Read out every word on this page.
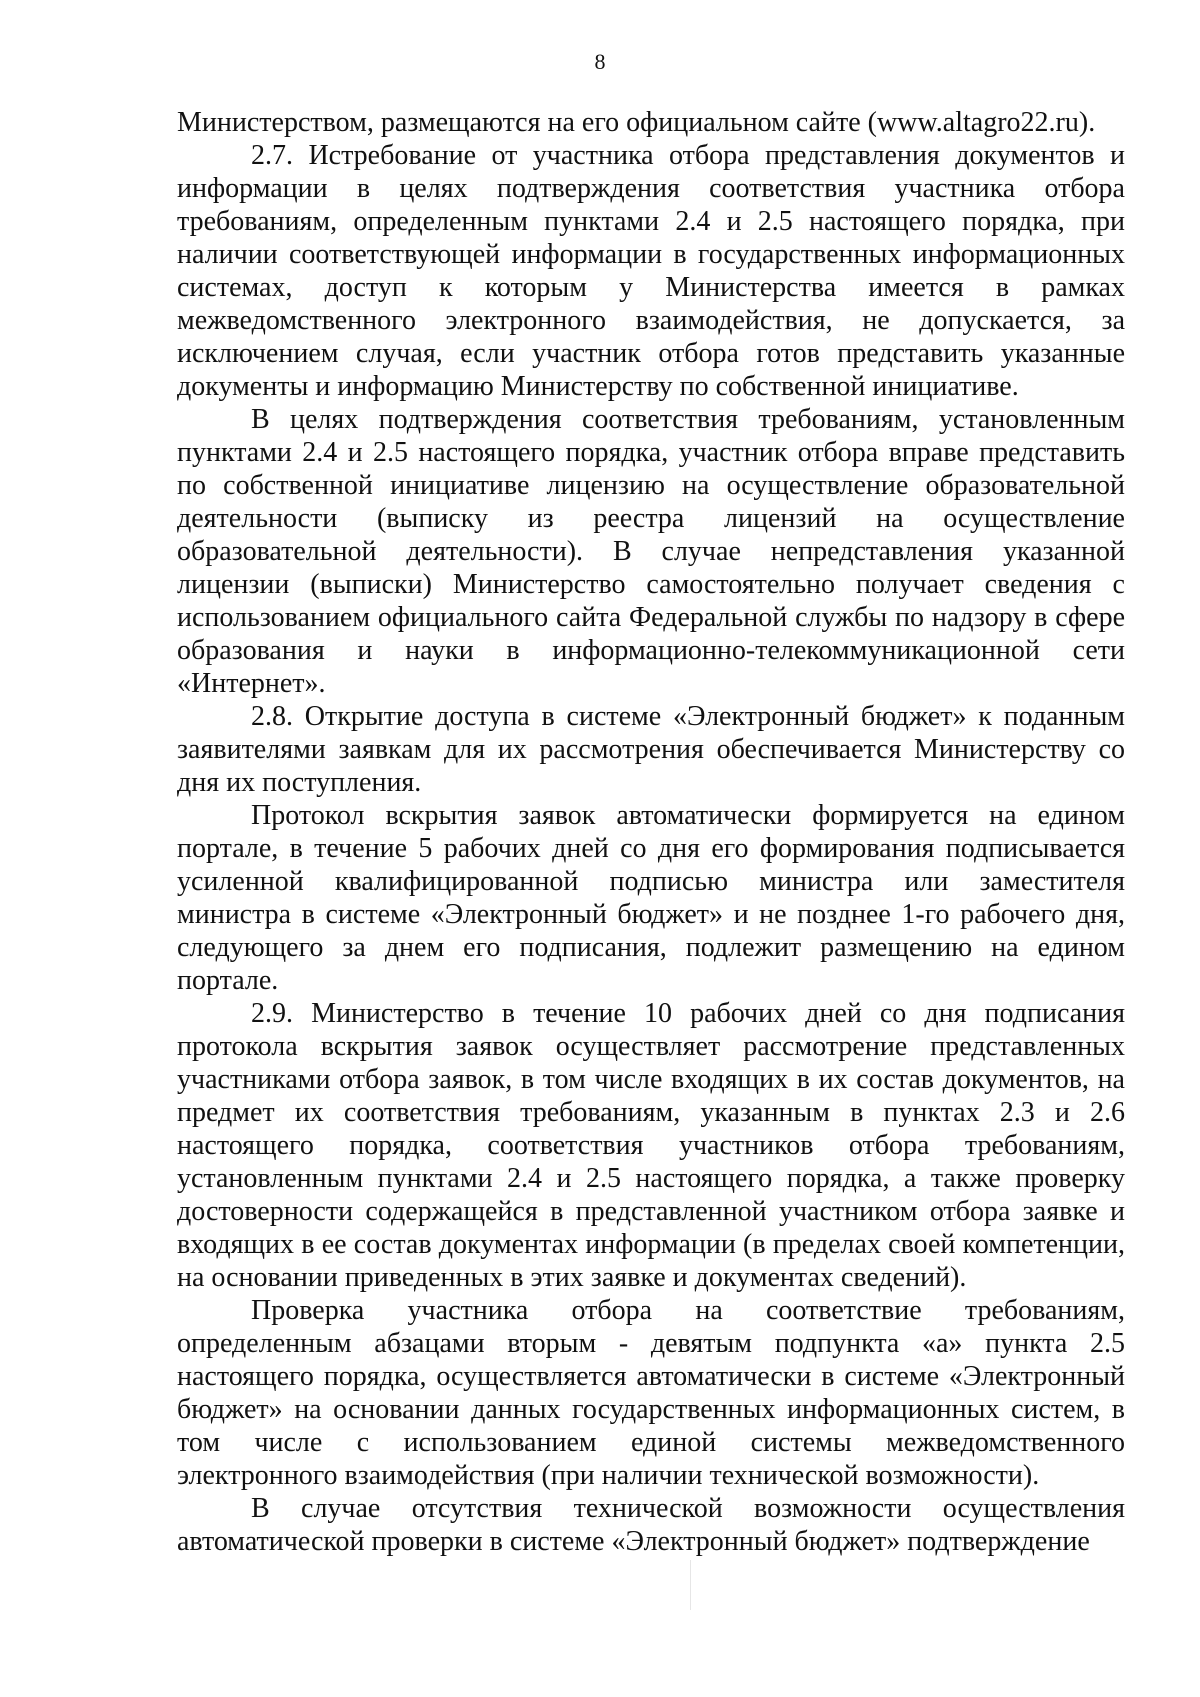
8

Министерством, размещаются на его официальном сайте (www.altagro22.ru).

2.7. Истребование от участника отбора представления документов и информации в целях подтверждения соответствия участника отбора требованиям, определенным пунктами 2.4 и 2.5 настоящего порядка, при наличии соответствующей информации в государственных информационных системах, доступ к которым у Министерства имеется в рамках межведомственного электронного взаимодействия, не допускается, за исключением случая, если участник отбора готов представить указанные документы и информацию Министерству по собственной инициативе.

В целях подтверждения соответствия требованиям, установленным пунктами 2.4 и 2.5 настоящего порядка, участник отбора вправе представить по собственной инициативе лицензию на осуществление образовательной деятельности (выписку из реестра лицензий на осуществление образовательной деятельности). В случае непредставления указанной лицензии (выписки) Министерство самостоятельно получает сведения с использованием официального сайта Федеральной службы по надзору в сфере образования и науки в информационно-телекоммуникационной сети «Интернет».

2.8. Открытие доступа в системе «Электронный бюджет» к поданным заявителями заявкам для их рассмотрения обеспечивается Министерству со дня их поступления.

Протокол вскрытия заявок автоматически формируется на едином портале, в течение 5 рабочих дней со дня его формирования подписывается усиленной квалифицированной подписью министра или заместителя министра в системе «Электронный бюджет» и не позднее 1-го рабочего дня, следующего за днем его подписания, подлежит размещению на едином портале.

2.9. Министерство в течение 10 рабочих дней со дня подписания протокола вскрытия заявок осуществляет рассмотрение представленных участниками отбора заявок, в том числе входящих в их состав документов, на предмет их соответствия требованиям, указанным в пунктах 2.3 и 2.6 настоящего порядка, соответствия участников отбора требованиям, установленным пунктами 2.4 и 2.5 настоящего порядка, а также проверку достоверности содержащейся в представленной участником отбора заявке и входящих в ее состав документах информации (в пределах своей компетенции, на основании приведенных в этих заявке и документах сведений).

Проверка участника отбора на соответствие требованиям, определенным абзацами вторым - девятым подпункта «а» пункта 2.5 настоящего порядка, осуществляется автоматически в системе «Электронный бюджет» на основании данных государственных информационных систем, в том числе с использованием единой системы межведомственного электронного взаимодействия (при наличии технической возможности).

В случае отсутствия технической возможности осуществления автоматической проверки в системе «Электронный бюджет» подтверждение
